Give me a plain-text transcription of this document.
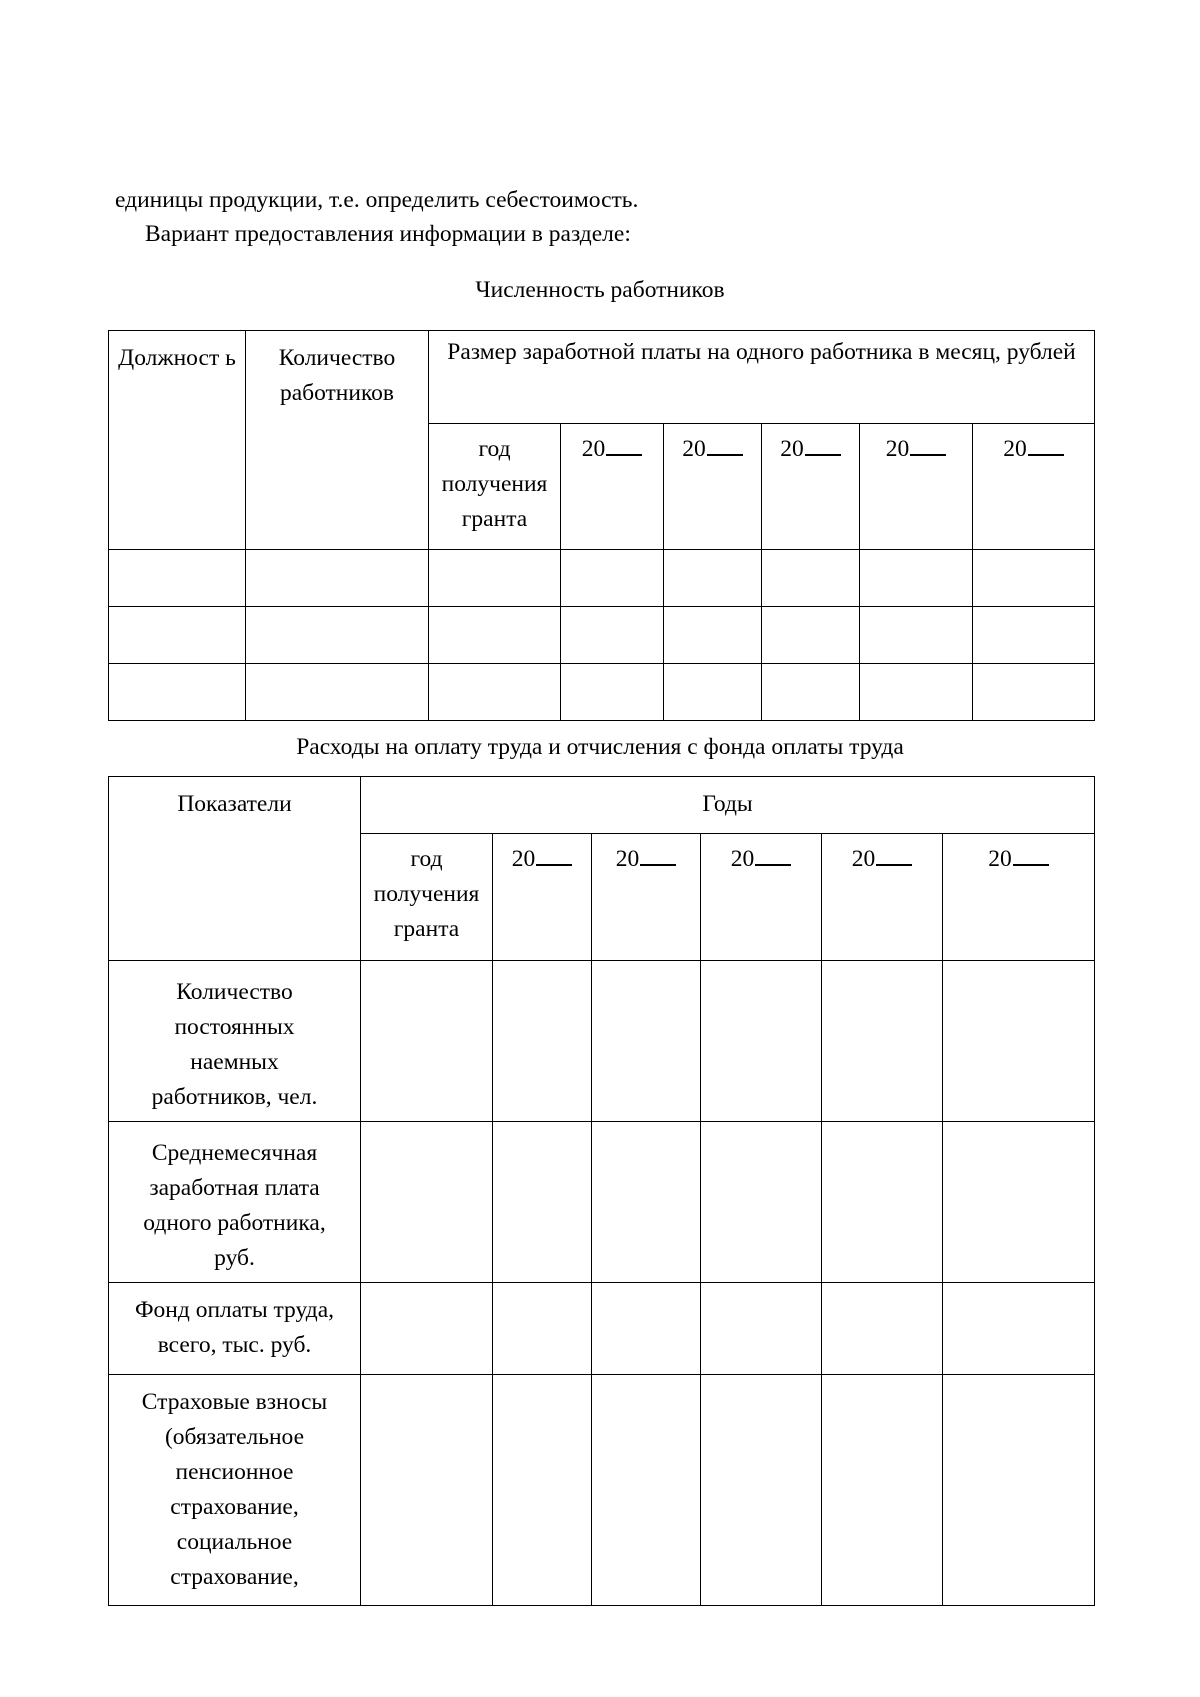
единицы продукции, т.е. определить себестоимость.
Вариант предоставления информации в разделе:
Численность работников
Должност ь	Количество работников	Размер заработной платы на одного работника в месяц, рублей					

		год получения гранта	20	20	20	20	20

Расходы на оплату труда и отчисления с фонда оплаты труда
Показатели	Годы					

	год получения гранта	20	20	20	20	20

Количество постоянных наемных работников, чел.						

Среднемесячная заработная плата одного работника, руб.						

Фонд оплаты труда, всего, тыс. руб.						

Страховые взносы (обязательное пенсионное страхование, социальное страхование,						
